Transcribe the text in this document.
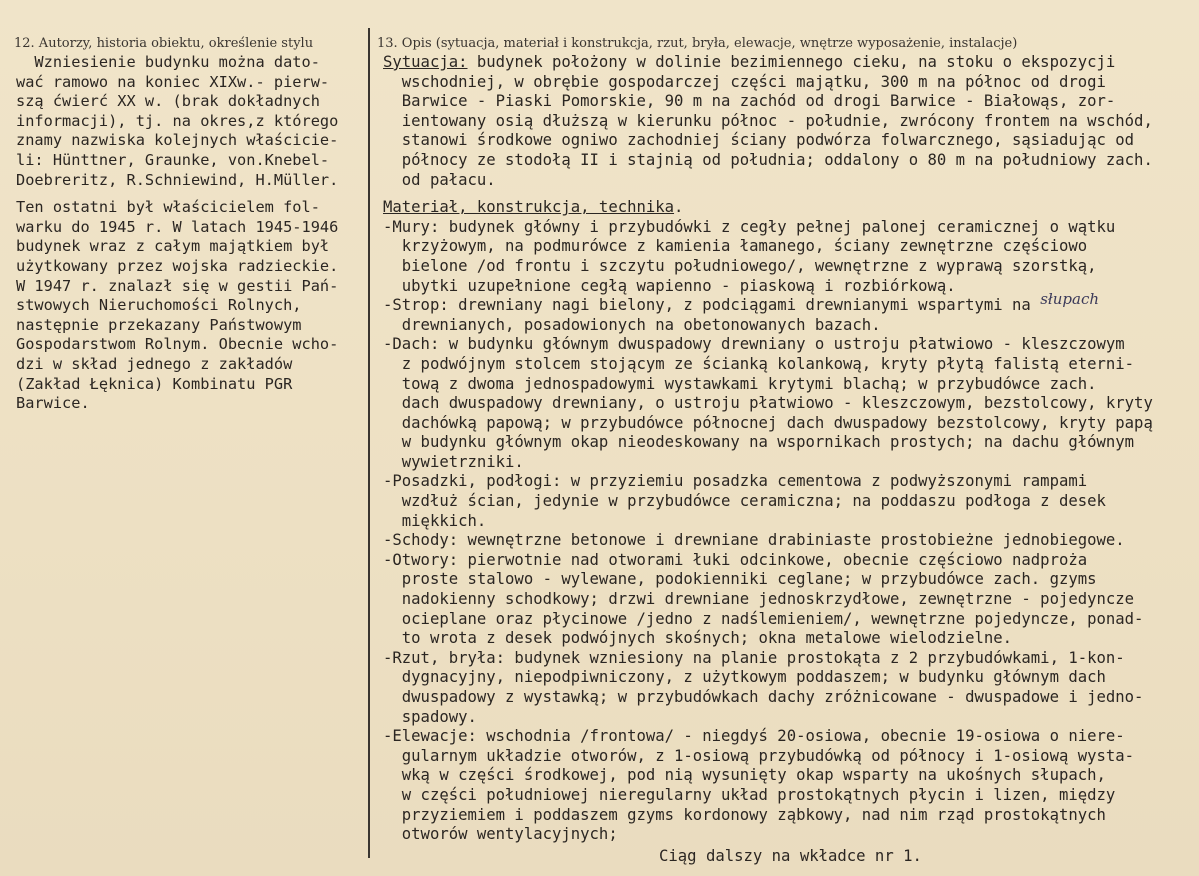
12. Autorzy, historia obiektu, określenie stylu	13. Opis (sytuacja, materiał i konstrukcja, rzut, bryła, elewacje, wnętrze wyposażenie, instalacje)
Wzniesienie budynku można dato-
wać ramowo na koniec XIXw.- pierw-
szą ćwierć XX w. (brak dokładnych
informacji), tj. na okres,z którego
znamy nazwiska kolejnych właścicie-
li: Hünttner, Graunke, von.Knebel-
Doebreritz, R.Schniewind, H.Müller.
Ten ostatni był właścicielem fol-
warku do 1945 r. W latach 1945-1946
budynek wraz z całym majątkiem był
użytkowany przez wojska radzieckie.
W 1947 r. znalazł się w gestii Pań-
stwowych Nieruchomości Rolnych,
następnie przekazany Państwowym
Gospodarstwom Rolnym. Obecnie wcho-
dzi w skład jednego z zakładów
(Zakład Łęknica) Kombinatu PGR
Barwice.
Sytuacja: budynek położony w dolinie bezimiennego cieku, na stoku o ekspozycji
wschodniej, w obrębie gospodarczej części majątku, 300 m na północ od drogi
Barwice - Piaski Pomorskie, 90 m na zachód od drogi Barwice - Białowąs, zor-
ientowany osią dłuższą w kierunku północ - południe, zwrócony frontem na wschód,
stanowi środkowe ogniwo zachodniej ściany podwórza folwarcznego, sąsiadując od
północy ze stodołą II i stajnią od południa; oddalony o 80 m na południowy zach.
od pałacu.
Materiał, konstrukcja, technika.
-Mury: budynek główny i przybudówki z cegły pełnej palonej ceramicznej o wątku
krzyżowym, na podmurówce z kamienia łamanego, ściany zewnętrzne częściowo
bielone /od frontu i szczytu południowego/, wewnętrzne z wyprawą szorstką,
ubytki uzupełnione cegłą wapienno - piaskową i rozbiórkową.
-Strop: drewniany nagi bielony, z podciągami drewnianymi wspartymi na słupach
drewnianych, posadowionych na obetonowanych bazach.
-Dach: w budynku głównym dwuspadowy drewniany o ustroju płatwiowo - kleszczowym
z podwójnym stolcem stojącym ze ścianką kolankową, kryty płytą falistą eterni-
tową z dwoma jednospadowymi wystawkami krytymi blachą; w przybudówce zach.
dach dwuspadowy drewniany, o ustroju płatwiowo - kleszczowym, bezstolcowy, kryty
dachówką papową; w przybudówce północnej dach dwuspadowy bezstolcowy, kryty papą
w budynku głównym okap nieodeskowany na wspornikach prostych; na dachu głównym
wywietrzniki.
-Posadzki, podłogi: w przyziemiu posadzka cementowa z podwyższonymi rampami
wzdłuż ścian, jedynie w przybudówce ceramiczna; na poddaszu podłoga z desek
miękkich.
-Schody: wewnętrzne betonowe i drewniane drabiniaste prostobieżne jednobiegowe.
-Otwory: pierwotnie nad otworami łuki odcinkowe, obecnie częściowo nadproża
proste stalowo - wylewane, podokienniki ceglane; w przybudówce zach. gzyms
nadokienny schodkowy; drzwi drewniane jednoskrzydłowe, zewnętrzne - pojedyncze
ocieplane oraz płycinowe /jedno z nadślemieniem/, wewnętrzne pojedyncze, ponad-
to wrota z desek podwójnych skośnych; okna metalowe wielodzielne.
-Rzut, bryła: budynek wzniesiony na planie prostokąta z 2 przybudówkami, 1-kon-
dygnacyjny, niepodpiwniczony, z użytkowym poddaszem; w budynku głównym dach
dwuspadowy z wystawką; w przybudówkach dachy zróżnicowane - dwuspadowe i jedno-
spadowy.
-Elewacje: wschodnia /frontowa/ - niegdyś 20-osiowa, obecnie 19-osiowa o niere-
gularnym układzie otworów, z 1-osiową przybudówką od północy i 1-osiową wysta-
wką w części środkowej, pod nią wysunięty okap wsparty na ukośnych słupach,
w części południowej nieregularny układ prostokątnych płycin i lizen, między
przyziemiem i poddaszem gzyms kordonowy ząbkowy, nad nim rząd prostokątnych
otworów wentylacyjnych;
Ciąg dalszy na wkładce nr 1.
